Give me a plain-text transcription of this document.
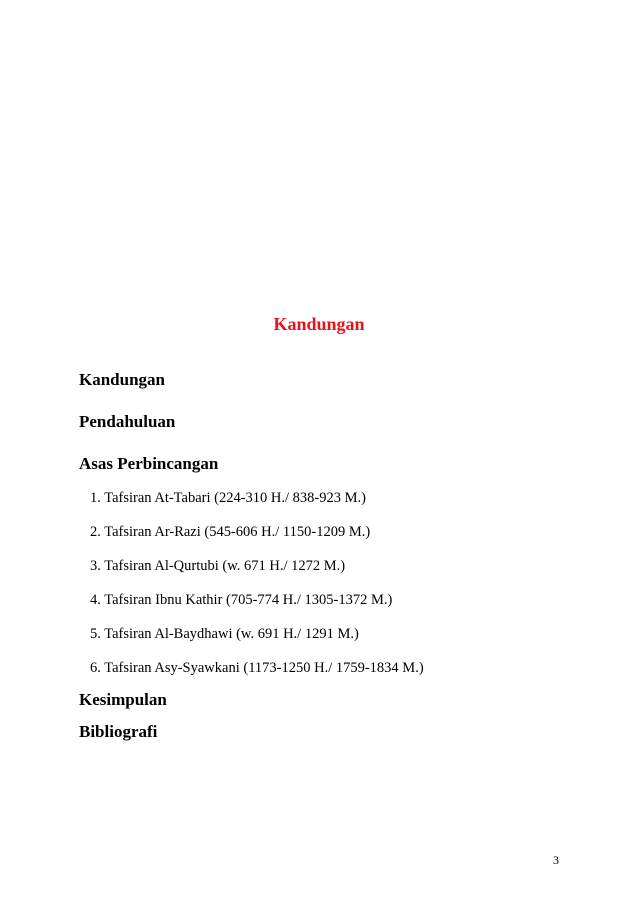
Kandungan
Kandungan
Pendahuluan
Asas Perbincangan
1. Tafsiran At-Tabari (224-310 H./ 838-923 M.)
2. Tafsiran Ar-Razi (545-606 H./ 1150-1209 M.)
3. Tafsiran Al-Qurtubi (w. 671 H./ 1272 M.)
4. Tafsiran Ibnu Kathir (705-774 H./ 1305-1372 M.)
5. Tafsiran Al-Baydhawi (w. 691 H./ 1291 M.)
6. Tafsiran Asy-Syawkani (1173-1250 H./ 1759-1834 M.)
Kesimpulan
Bibliografi
3
